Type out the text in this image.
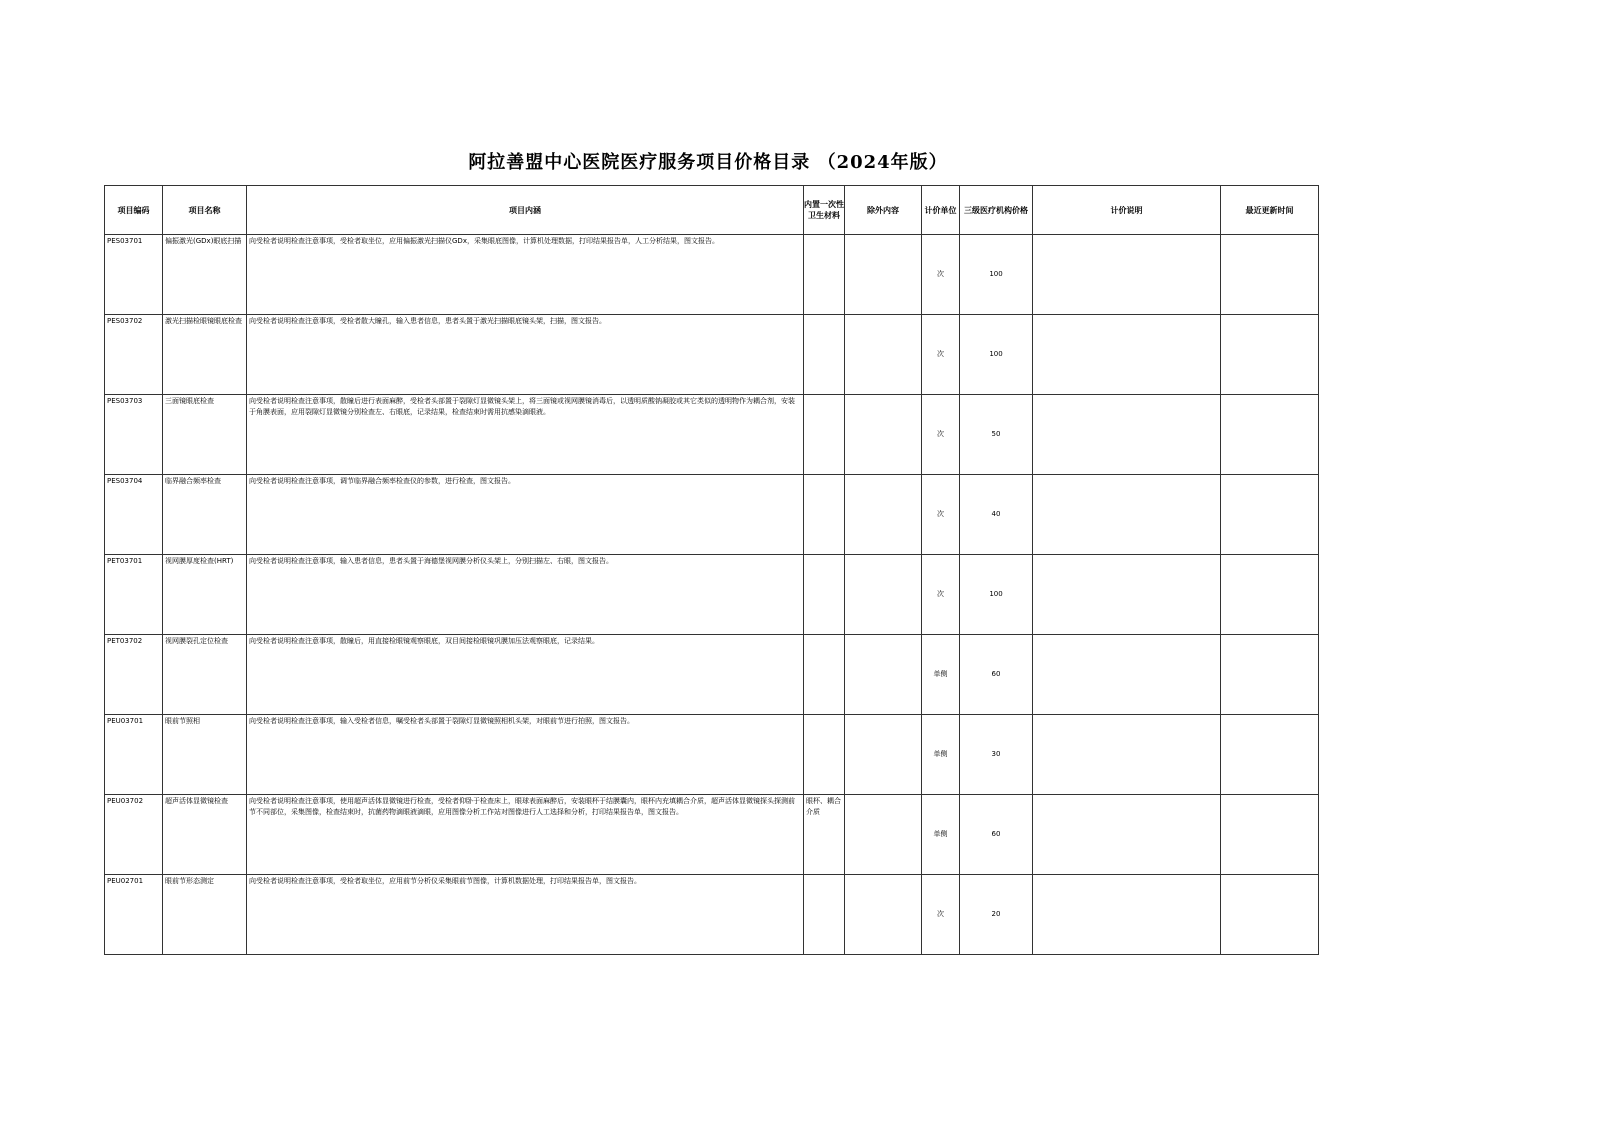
阿拉善盟中心医院医疗服务项目价格目录 （2024年版）
项目编码	项目名称	项目内涵	内置一次性卫生材料	除外内容	计价单位	三级医疗机构价格	计价说明	最近更新时间
PES03701	偏振激光(GDx)眼底扫描	向受检者说明检查注意事项，受检者取坐位，应用偏振激光扫描仪GDx，采集眼底图像，计算机处理数据，打印结果报告单，人工分析结果，图文报告。			次	100		
PES03702	激光扫描检眼镜眼底检查	向受检者说明检查注意事项，受检者散大瞳孔，输入患者信息，患者头置于激光扫描眼底镜头架，扫描，图文报告。			次	100		
PES03703	三面镜眼底检查	向受检者说明检查注意事项，散瞳后进行表面麻醉，受检者头部置于裂隙灯显微镜头架上，将三面镜或视网膜镜消毒后，以透明质酸钠凝胶或其它类似的透明物作为耦合剂，安装于角膜表面，应用裂隙灯显微镜分别检查左、右眼底，记录结果，检查结束时需用抗感染滴眼液。			次	50		
PES03704	临界融合频率检查	向受检者说明检查注意事项，调节临界融合频率检查仪的参数，进行检查，图文报告。			次	40		
PET03701	视网膜厚度检查(HRT)	向受检者说明检查注意事项，输入患者信息，患者头置于海德堡视网膜分析仪头架上，分别扫描左、右眼，图文报告。			次	100		
PET03702	视网膜裂孔定位检查	向受检者说明检查注意事项，散瞳后，用直接检眼镜观察眼底，双目间接检眼镜巩膜加压法观察眼底，记录结果。			单侧	60		
PEU03701	眼前节照相	向受检者说明检查注意事项，输入受检者信息，嘱受检者头部置于裂隙灯显微镜照相机头架，对眼前节进行拍照，图文报告。			单侧	30		
PEU03702	超声活体显微镜检查	向受检者说明检查注意事项，使用超声活体显微镜进行检查，受检者仰卧于检查床上，眼球表面麻醉后，安装眼杯于结膜囊内，眼杯内充填耦合介质，超声活体显微镜探头探测前节不同部位，采集图像，检查结束时，抗菌药物滴眼液滴眼，应用图像分析工作站对图像进行人工选择和分析，打印结果报告单，图文报告。	眼杯、耦合介质		单侧	60		
PEU02701	眼前节形态测定	向受检者说明检查注意事项，受检者取坐位，应用前节分析仪采集眼前节图像，计算机数据处理，打印结果报告单，图文报告。			次	20		
